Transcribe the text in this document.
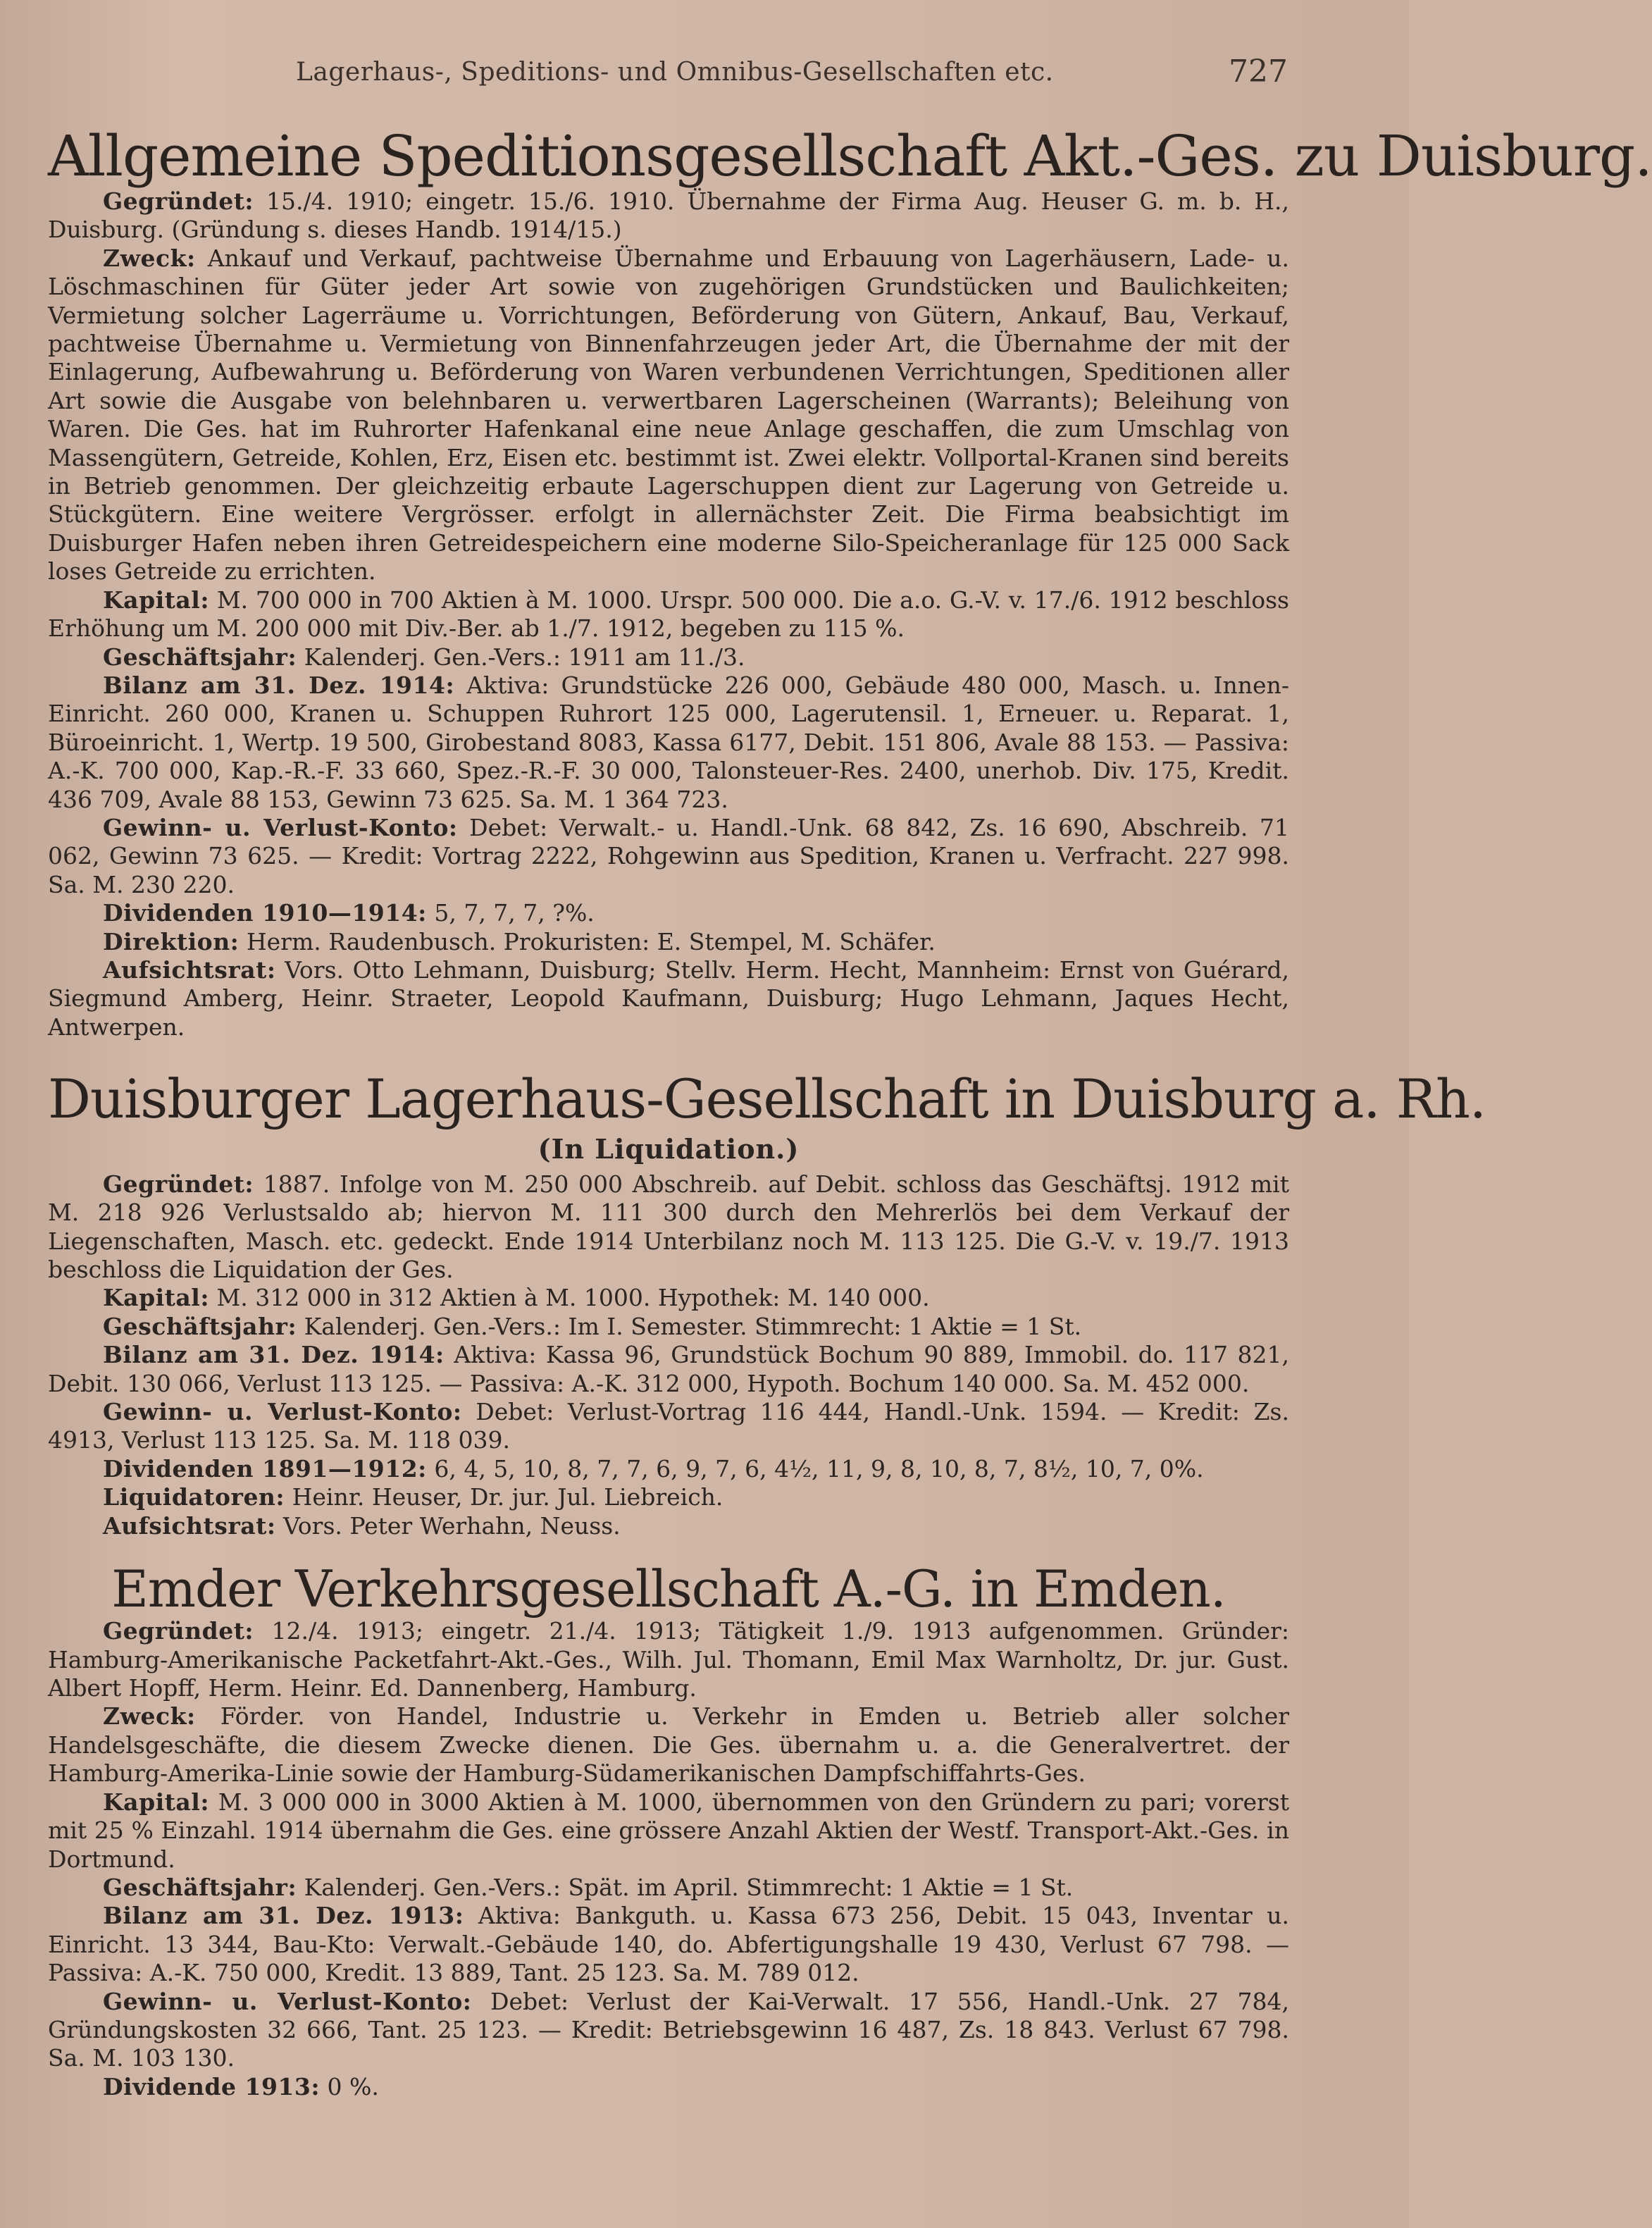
Lagerhaus-, Speditions- und Omnibus-Gesellschaften etc.	727
Allgemeine Speditionsgesellschaft Akt.-Ges. zu Duisburg.

Gegründet: 15./4. 1910; eingetr. 15./6. 1910. Übernahme der Firma Aug. Heuser G. m. b. H., Duisburg. (Gründung s. dieses Handb. 1914/15.)

Zweck: Ankauf und Verkauf, pachtweise Übernahme und Erbauung von Lagerhäusern, Lade- u. Löschmaschinen für Güter jeder Art sowie von zugehörigen Grundstücken und Baulichkeiten; Vermietung solcher Lagerräume u. Vorrichtungen, Beförderung von Gütern, Ankauf, Bau, Verkauf, pachtweise Übernahme u. Vermietung von Binnenfahrzeugen jeder Art, die Übernahme der mit der Einlagerung, Aufbewahrung u. Beförderung von Waren verbundenen Verrichtungen, Speditionen aller Art sowie die Ausgabe von belehnbaren u. verwertbaren Lagerscheinen (Warrants); Beleihung von Waren. Die Ges. hat im Ruhrorter Hafenkanal eine neue Anlage geschaffen, die zum Umschlag von Massengütern, Getreide, Kohlen, Erz, Eisen etc. bestimmt ist. Zwei elektr. Vollportal-Kranen sind bereits in Betrieb genommen. Der gleichzeitig erbaute Lagerschuppen dient zur Lagerung von Getreide u. Stückgütern. Eine weitere Vergrösser. erfolgt in allernächster Zeit. Die Firma beabsichtigt im Duisburger Hafen neben ihren Getreidespeichern eine moderne Silo-Speicheranlage für 125 000 Sack loses Getreide zu errichten.

Kapital: M. 700 000 in 700 Aktien à M. 1000. Urspr. 500 000. Die a.o. G.-V. v. 17./6. 1912 beschloss Erhöhung um M. 200 000 mit Div.-Ber. ab 1./7. 1912, begeben zu 115 %.

Geschäftsjahr: Kalenderj. Gen.-Vers.: 1911 am 11./3.

Bilanz am 31. Dez. 1914: Aktiva: Grundstücke 226 000, Gebäude 480 000, Masch. u. Innen-Einricht. 260 000, Kranen u. Schuppen Ruhrort 125 000, Lagerutensil. 1, Erneuer. u. Reparat. 1, Büroeinricht. 1, Wertp. 19 500, Girobestand 8083, Kassa 6177, Debit. 151 806, Avale 88 153. — Passiva: A.-K. 700 000, Kap.-R.-F. 33 660, Spez.-R.-F. 30 000, Talonsteuer-Res. 2400, unerhob. Div. 175, Kredit. 436 709, Avale 88 153, Gewinn 73 625. Sa. M. 1 364 723.

Gewinn- u. Verlust-Konto: Debet: Verwalt.- u. Handl.-Unk. 68 842, Zs. 16 690, Abschreib. 71 062, Gewinn 73 625. — Kredit: Vortrag 2222, Rohgewinn aus Spedition, Kranen u. Verfracht. 227 998. Sa. M. 230 220.

Dividenden 1910—1914: 5, 7, 7, 7, ?%.

Direktion: Herm. Raudenbusch. Prokuristen: E. Stempel, M. Schäfer.

Aufsichtsrat: Vors. Otto Lehmann, Duisburg; Stellv. Herm. Hecht, Mannheim: Ernst von Guérard, Siegmund Amberg, Heinr. Straeter, Leopold Kaufmann, Duisburg; Hugo Lehmann, Jaques Hecht, Antwerpen.

Duisburger Lagerhaus-Gesellschaft in Duisburg a. Rh.
(In Liquidation.)

Gegründet: 1887. Infolge von M. 250 000 Abschreib. auf Debit. schloss das Geschäftsj. 1912 mit M. 218 926 Verlustsaldo ab; hiervon M. 111 300 durch den Mehrerlös bei dem Verkauf der Liegenschaften, Masch. etc. gedeckt. Ende 1914 Unterbilanz noch M. 113 125. Die G.-V. v. 19./7. 1913 beschloss die Liquidation der Ges.

Kapital: M. 312 000 in 312 Aktien à M. 1000. Hypothek: M. 140 000.

Geschäftsjahr: Kalenderj. Gen.-Vers.: Im I. Semester. Stimmrecht: 1 Aktie = 1 St.

Bilanz am 31. Dez. 1914: Aktiva: Kassa 96, Grundstück Bochum 90 889, Immobil. do. 117 821, Debit. 130 066, Verlust 113 125. — Passiva: A.-K. 312 000, Hypoth. Bochum 140 000. Sa. M. 452 000.

Gewinn- u. Verlust-Konto: Debet: Verlust-Vortrag 116 444, Handl.-Unk. 1594. — Kredit: Zs. 4913, Verlust 113 125. Sa. M. 118 039.

Dividenden 1891—1912: 6, 4, 5, 10, 8, 7, 7, 6, 9, 7, 6, 4½, 11, 9, 8, 10, 8, 7, 8½, 10, 7, 0%.

Liquidatoren: Heinr. Heuser, Dr. jur. Jul. Liebreich.

Aufsichtsrat: Vors. Peter Werhahn, Neuss.

Emder Verkehrsgesellschaft A.-G. in Emden.

Gegründet: 12./4. 1913; eingetr. 21./4. 1913; Tätigkeit 1./9. 1913 aufgenommen. Gründer: Hamburg-Amerikanische Packetfahrt-Akt.-Ges., Wilh. Jul. Thomann, Emil Max Warnholtz, Dr. jur. Gust. Albert Hopff, Herm. Heinr. Ed. Dannenberg, Hamburg.

Zweck: Förder. von Handel, Industrie u. Verkehr in Emden u. Betrieb aller solcher Handelsgeschäfte, die diesem Zwecke dienen. Die Ges. übernahm u. a. die Generalvertret. der Hamburg-Amerika-Linie sowie der Hamburg-Südamerikanischen Dampfschiffahrts-Ges.

Kapital: M. 3 000 000 in 3000 Aktien à M. 1000, übernommen von den Gründern zu pari; vorerst mit 25 % Einzahl. 1914 übernahm die Ges. eine grössere Anzahl Aktien der Westf. Transport-Akt.-Ges. in Dortmund.

Geschäftsjahr: Kalenderj. Gen.-Vers.: Spät. im April. Stimmrecht: 1 Aktie = 1 St.

Bilanz am 31. Dez. 1913: Aktiva: Bankguth. u. Kassa 673 256, Debit. 15 043, Inventar u. Einricht. 13 344, Bau-Kto: Verwalt.-Gebäude 140, do. Abfertigungshalle 19 430, Verlust 67 798. — Passiva: A.-K. 750 000, Kredit. 13 889, Tant. 25 123. Sa. M. 789 012.

Gewinn- u. Verlust-Konto: Debet: Verlust der Kai-Verwalt. 17 556, Handl.-Unk. 27 784, Gründungskosten 32 666, Tant. 25 123. — Kredit: Betriebsgewinn 16 487, Zs. 18 843. Verlust 67 798. Sa. M. 103 130.

Dividende 1913: 0 %.
